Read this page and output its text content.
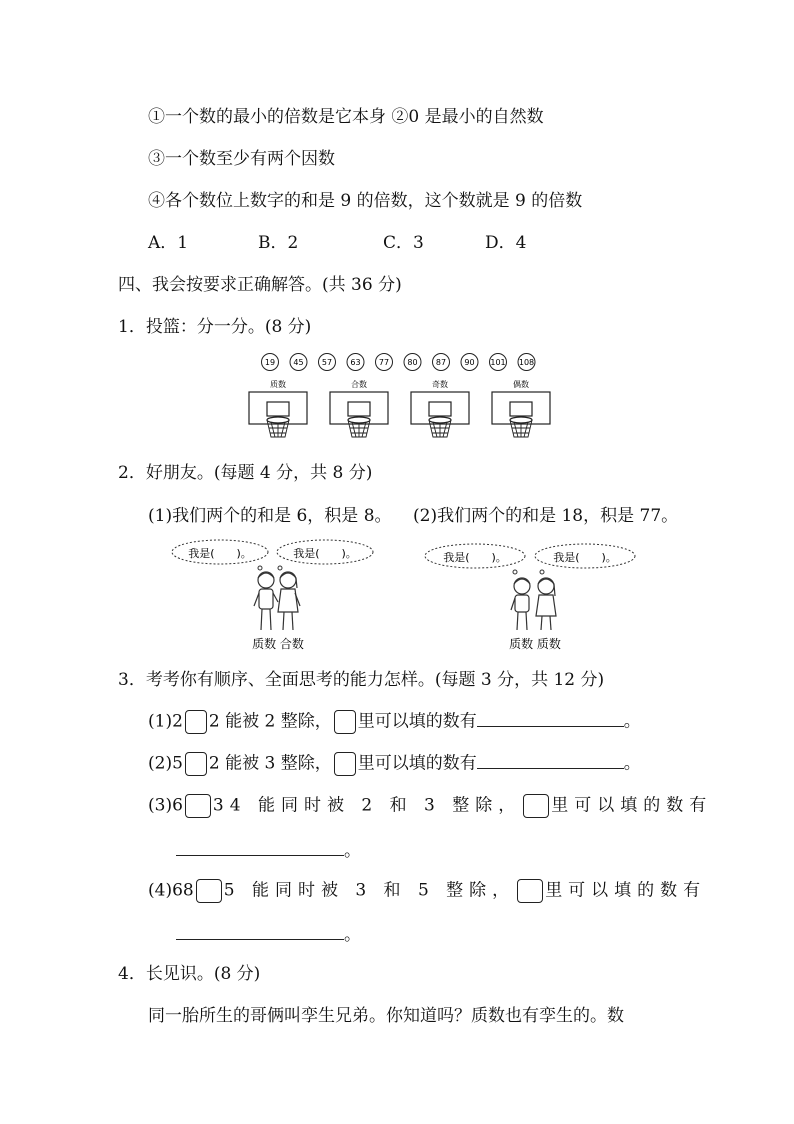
①一个数的最小的倍数是它本身 ②0 是最小的自然数
③一个数至少有两个因数
④各个数位上数字的和是 9 的倍数，这个数就是 9 的倍数
A．1	B．2	C．3	D．4
四、我会按要求正确解答。(共 36 分)
1．投篮：分一分。(8 分)
19 45 57 63 77 80 87 90 101 108
质数	合数	奇数	偶数
2．好朋友。(每题 4 分，共 8 分)
(1)我们两个的和是 6，积是 8。 (2)我们两个的和是 18，积是 77。
我是(　　)。	我是(　　)。
质数 合数
我是(　　)。	我是(　　)。
质数 质数
3．考考你有顺序、全面思考的能力怎样。(每题 3 分，共 12 分)
(1)2 2 能被 2 整除， 里可以填的数有	。
(2)5 2 能被 3 整除， 里可以填的数有	。
(3)6 34 能同时被 2 和 3 整除， 里可以填的数有
。
(4)68 5 能同时被 3 和 5 整除， 里可以填的数有
。
4．长见识。(8 分)
同一胎所生的哥俩叫孪生兄弟。你知道吗？质数也有孪生的。数
